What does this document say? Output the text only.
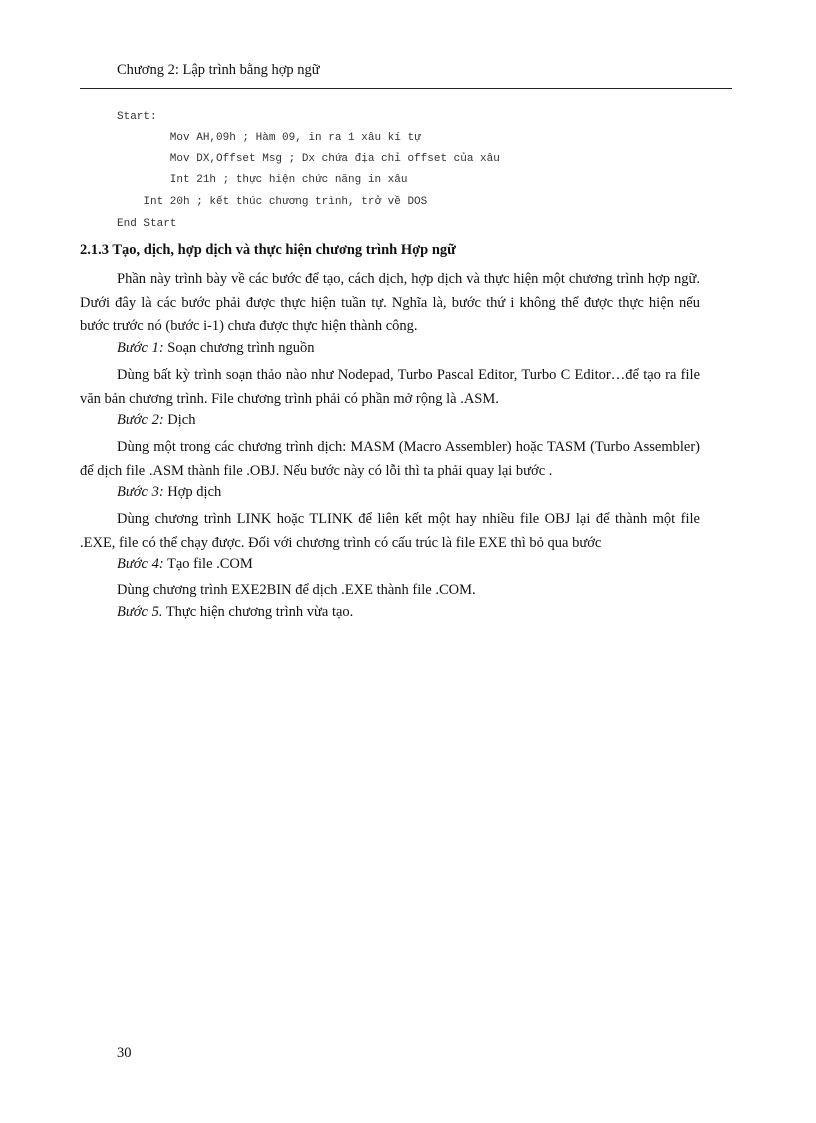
Chương 2: Lập trình bằng hợp ngữ
Start:
Mov AH,09h ; Hàm 09, in ra 1 xâu kí tự
Mov DX,Offset Msg ; Dx chứa địa chỉ offset của xâu
Int 21h ; thực hiện chức năng in xâu
Int 20h ; kết thúc chương trình, trở về DOS
End Start
2.1.3 Tạo, dịch, hợp dịch và thực hiện chương trình Hợp ngữ

Phần này trình bày về các bước để tạo, cách dịch, hợp dịch và thực hiện một chương trình hợp ngữ. Dưới đây là các bước phải được thực hiện tuần tự. Nghĩa là, bước thứ i không thể được thực hiện nếu bước trước nó (bước i-1) chưa được thực hiện thành công.

Bước 1: Soạn chương trình nguồn

Dùng bất kỳ trình soạn thảo nào như Nodepad, Turbo Pascal Editor, Turbo C Editor…để tạo ra file văn bản chương trình. File chương trình phải có phần mở rộng là .ASM.

Bước 2: Dịch

Dùng một trong các chương trình dịch: MASM (Macro Assembler) hoặc TASM (Turbo Assembler) để dịch file .ASM thành file .OBJ. Nếu bước này có lỗi thì ta phải quay lại bước .

Bước 3: Hợp dịch

Dùng chương trình LINK hoặc TLINK để liên kết một hay nhiều file OBJ lại để thành một file .EXE, file có thể chạy được. Đối với chương trình có cấu trúc là file EXE thì bỏ qua bước

Bước 4: Tạo file .COM

Dùng chương trình EXE2BIN để dịch .EXE thành file .COM.

Bước 5. Thực hiện chương trình vừa tạo.
30
